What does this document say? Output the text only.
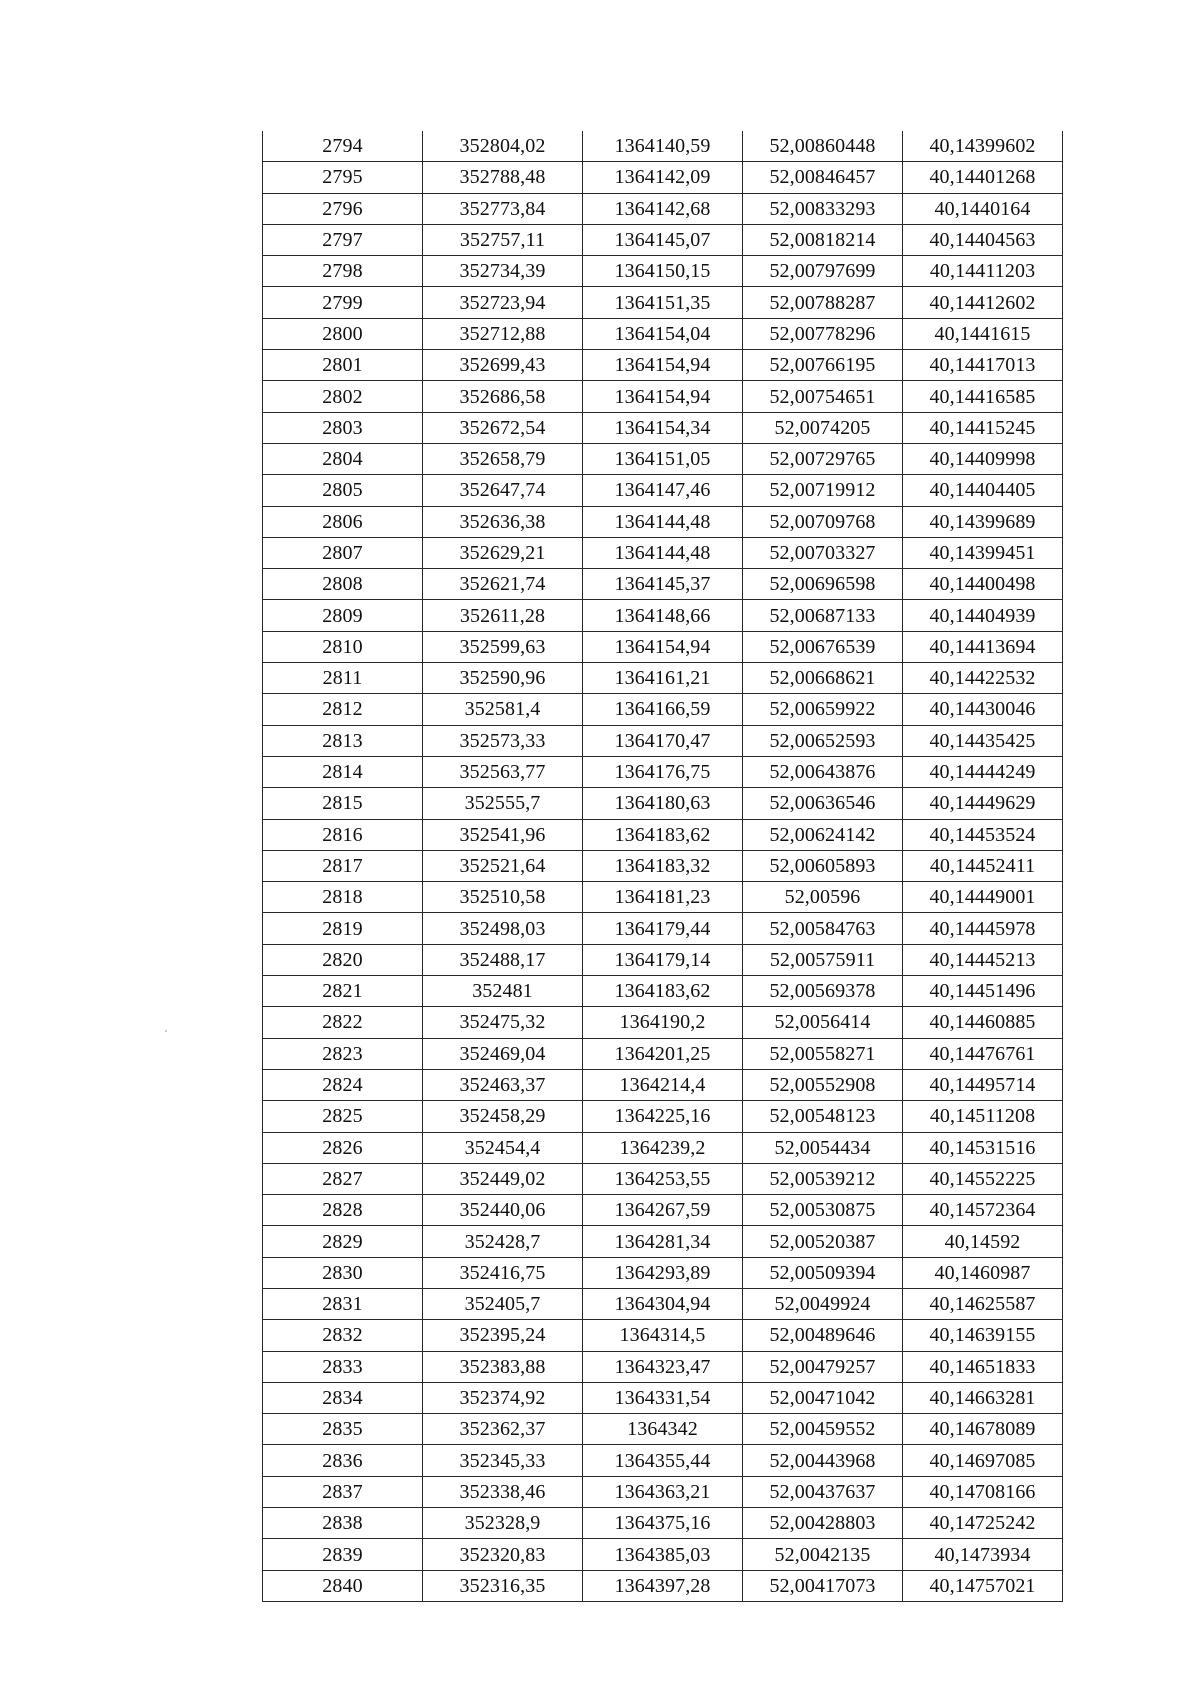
2794	352804,02	1364140,59	52,00860448	40,14399602
2795	352788,48	1364142,09	52,00846457	40,14401268
2796	352773,84	1364142,68	52,00833293	40,1440164
2797	352757,11	1364145,07	52,00818214	40,14404563
2798	352734,39	1364150,15	52,00797699	40,14411203
2799	352723,94	1364151,35	52,00788287	40,14412602
2800	352712,88	1364154,04	52,00778296	40,1441615
2801	352699,43	1364154,94	52,00766195	40,14417013
2802	352686,58	1364154,94	52,00754651	40,14416585
2803	352672,54	1364154,34	52,0074205	40,14415245
2804	352658,79	1364151,05	52,00729765	40,14409998
2805	352647,74	1364147,46	52,00719912	40,14404405
2806	352636,38	1364144,48	52,00709768	40,14399689
2807	352629,21	1364144,48	52,00703327	40,14399451
2808	352621,74	1364145,37	52,00696598	40,14400498
2809	352611,28	1364148,66	52,00687133	40,14404939
2810	352599,63	1364154,94	52,00676539	40,14413694
2811	352590,96	1364161,21	52,00668621	40,14422532
2812	352581,4	1364166,59	52,00659922	40,14430046
2813	352573,33	1364170,47	52,00652593	40,14435425
2814	352563,77	1364176,75	52,00643876	40,14444249
2815	352555,7	1364180,63	52,00636546	40,14449629
2816	352541,96	1364183,62	52,00624142	40,14453524
2817	352521,64	1364183,32	52,00605893	40,14452411
2818	352510,58	1364181,23	52,00596	40,14449001
2819	352498,03	1364179,44	52,00584763	40,14445978
2820	352488,17	1364179,14	52,00575911	40,14445213
2821	352481	1364183,62	52,00569378	40,14451496
2822	352475,32	1364190,2	52,0056414	40,14460885
2823	352469,04	1364201,25	52,00558271	40,14476761
2824	352463,37	1364214,4	52,00552908	40,14495714
2825	352458,29	1364225,16	52,00548123	40,14511208
2826	352454,4	1364239,2	52,0054434	40,14531516
2827	352449,02	1364253,55	52,00539212	40,14552225
2828	352440,06	1364267,59	52,00530875	40,14572364
2829	352428,7	1364281,34	52,00520387	40,14592
2830	352416,75	1364293,89	52,00509394	40,1460987
2831	352405,7	1364304,94	52,0049924	40,14625587
2832	352395,24	1364314,5	52,00489646	40,14639155
2833	352383,88	1364323,47	52,00479257	40,14651833
2834	352374,92	1364331,54	52,00471042	40,14663281
2835	352362,37	1364342	52,00459552	40,14678089
2836	352345,33	1364355,44	52,00443968	40,14697085
2837	352338,46	1364363,21	52,00437637	40,14708166
2838	352328,9	1364375,16	52,00428803	40,14725242
2839	352320,83	1364385,03	52,0042135	40,1473934
2840	352316,35	1364397,28	52,00417073	40,14757021
